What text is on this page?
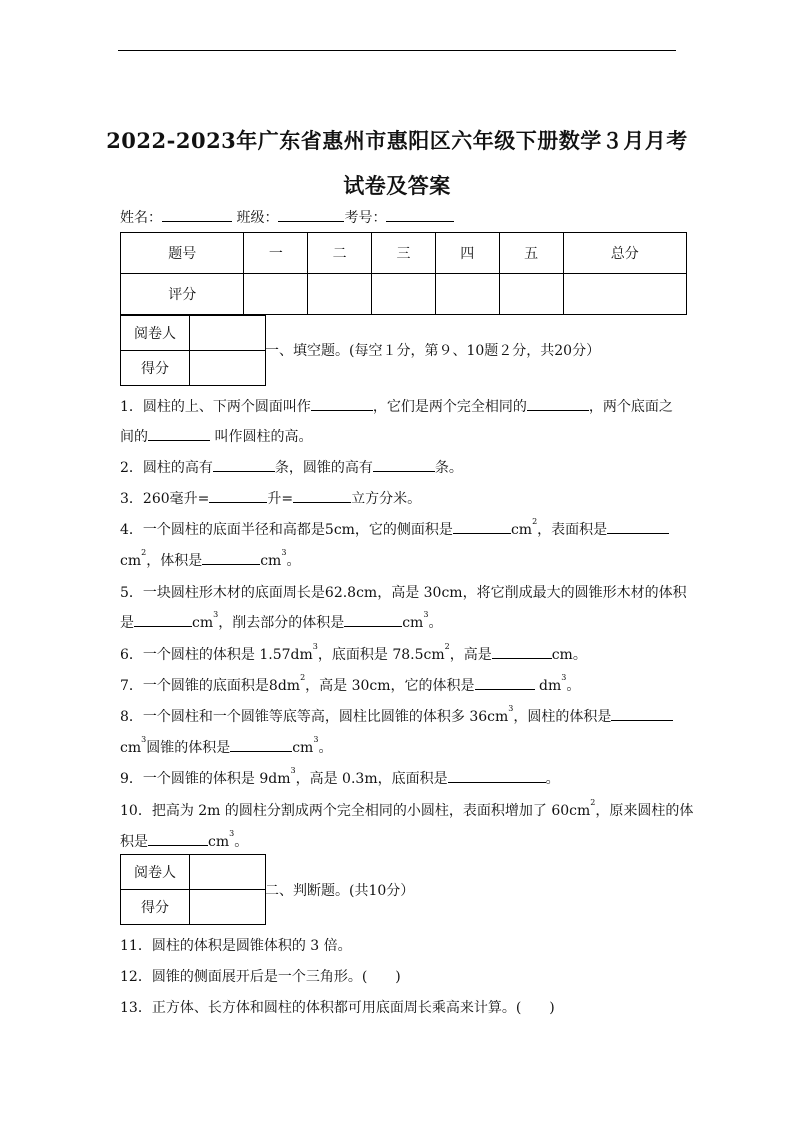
2022-2023年广东省惠州市惠阳区六年级下册数学３月月考
试卷及答案
姓名：	班级：	考号：
题号	一	二	三	四	五	总分
评分						
阅卷人	
得分	
一、填空题。(每空１分，第９、10题２分，共20分）
1．圆柱的上、下两个圆面叫作	，它们是两个完全相同的	，两个底面之
间的	叫作圆柱的高。
2．圆柱的高有	条，圆锥的高有	条。
3．260毫升=	升=	立方分米。
4．一个圆柱的底面半径和高都是5cm，它的侧面积是	$cm^2$，表面积是
$cm^2$，体积是	$cm^3$。
5．一块圆柱形木材的底面周长是62.8cm，高是 30cm，将它削成最大的圆锥形木材的体积
是	$cm^3$，削去部分的体积是	$cm^3$。
6．一个圆柱的体积是 $1.57dm^3$，底面积是 $78.5cm^2$，高是	cm。
7．一个圆锥的底面积是$8dm^2$，高是 30cm，它的体积是	$dm^3$。
8．一个圆柱和一个圆锥等底等高，圆柱比圆锥的体积多 $36cm^3$，圆柱的体积是
$cm^3$圆锥的体积是	$cm^3$。
9．一个圆锥的体积是 $9dm^3$，高是 0.3m，底面积是	。
10．把高为 2m 的圆柱分割成两个完全相同的小圆柱，表面积增加了 $60cm^2$，原来圆柱的体
积是	$cm^3$。
阅卷人	
得分	
二、判断题。(共10分）
11．圆柱的体积是圆锥体积的 3 倍。
12．圆锥的侧面展开后是一个三角形。(　　)
13．正方体、长方体和圆柱的体积都可用底面周长乘高来计算。(　　)
